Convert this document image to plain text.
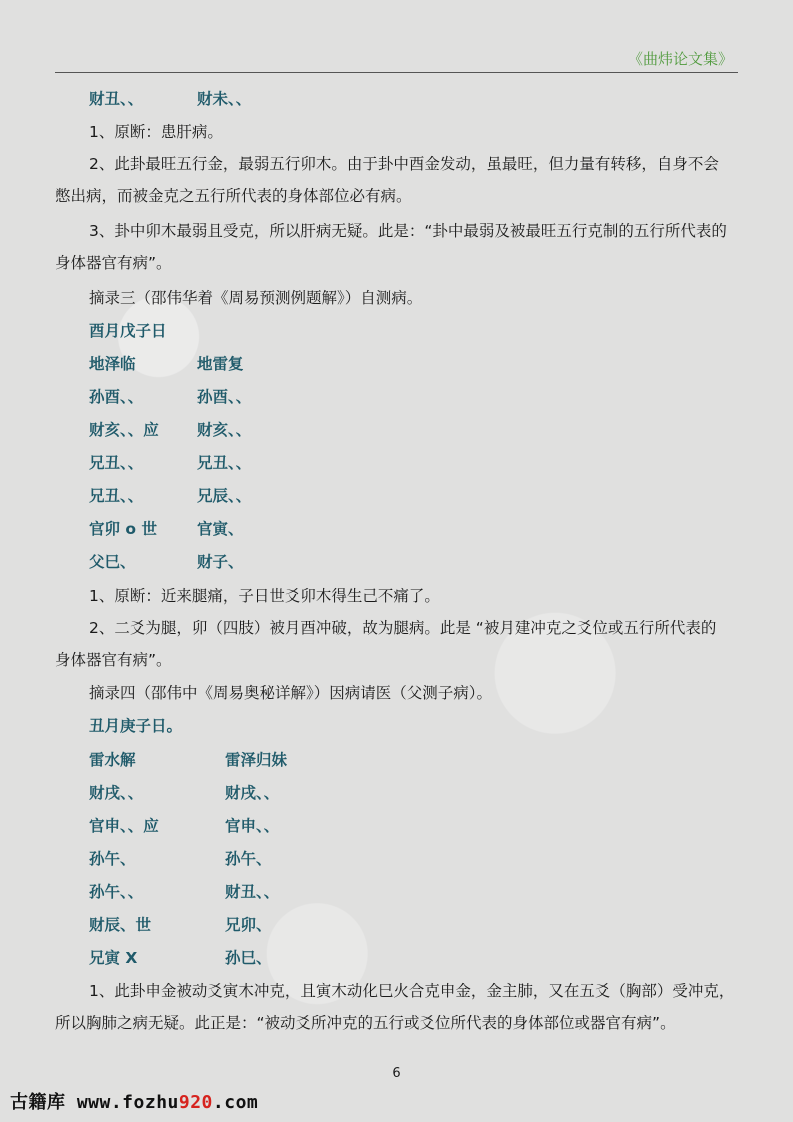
《曲炜论文集》
财丑、、	财未、、
1、原断：患肝病。
2、此卦最旺五行金，最弱五行卯木。由于卦中酉金发动，虽最旺，但力量有转移，自身不会
憋出病，而被金克之五行所代表的身体部位必有病。
3、卦中卯木最弱且受克，所以肝病无疑。此是：“卦中最弱及被最旺五行克制的五行所代表的
身体器官有病”。
摘录三（邵伟华着《周易预测例题解》）自测病。
酉月戊子日
地泽临	地雷复
孙酉、、	孙酉、、
财亥、、应 财亥、、
兄丑、、	兄丑、、
兄丑、、	兄辰、、
官卯 o 世	官寅、
父巳、	财子、
1、原断：近来腿痛，子日世爻卯木得生己不痛了。
2、二爻为腿，卯（四肢）被月酉冲破，故为腿病。此是 “被月建冲克之爻位或五行所代表的
身体器官有病”。
摘录四（邵伟中《周易奥秘详解》）因病请医（父测子病）。
丑月庚子日。
雷水解	雷泽归妹
财戌、、	财戌、、
官申、、应	官申、、
孙午、	孙午、
孙午、、	财丑、、
财辰、世	兄卯、
兄寅 X	孙巳、
1、此卦申金被动爻寅木冲克，且寅木动化巳火合克申金，金主肺，又在五爻（胸部）受冲克，
所以胸肺之病无疑。此正是：“被动爻所冲克的五行或爻位所代表的身体部位或器官有病”。
6
古籍库 www.fozhu920.com
